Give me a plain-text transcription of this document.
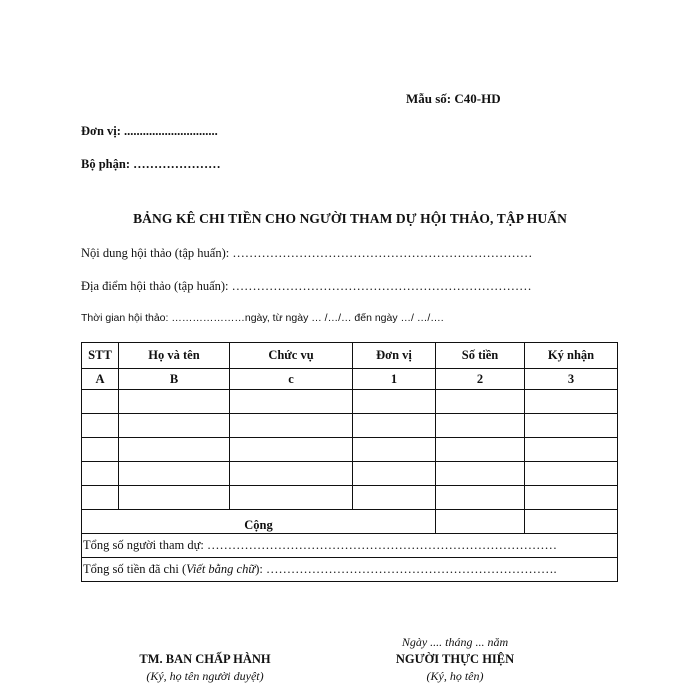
Mẫu số: C40-HD
Đơn vị: ..............................
Bộ phận: …………………
BẢNG KÊ CHI TIỀN CHO NGƯỜI THAM DỰ HỘI THẢO, TẬP HUẤN
Nội dung hội thảo (tập huấn): ………………………………………………………………
Địa điểm hội thảo (tập huấn): ………………………………………………………………
Thời gian hội thảo: …………………ngày, từ ngày … /…/… đến ngày …/ …/….
STT	Họ và tên	Chức vụ	Đơn vị	Số tiền	Ký nhận
A	B	c	1	2	3

Cộng					
Tổng số người tham dự: …………………………………………………………………………					
Tổng số tiền đã chi (Viết bằng chữ): …………………………………………………………….					
TM. BAN CHẤP HÀNH
(Ký, họ tên người duyệt)
Ngày .... tháng ... năm
NGƯỜI THỰC HIỆN
(Ký, họ tên)
